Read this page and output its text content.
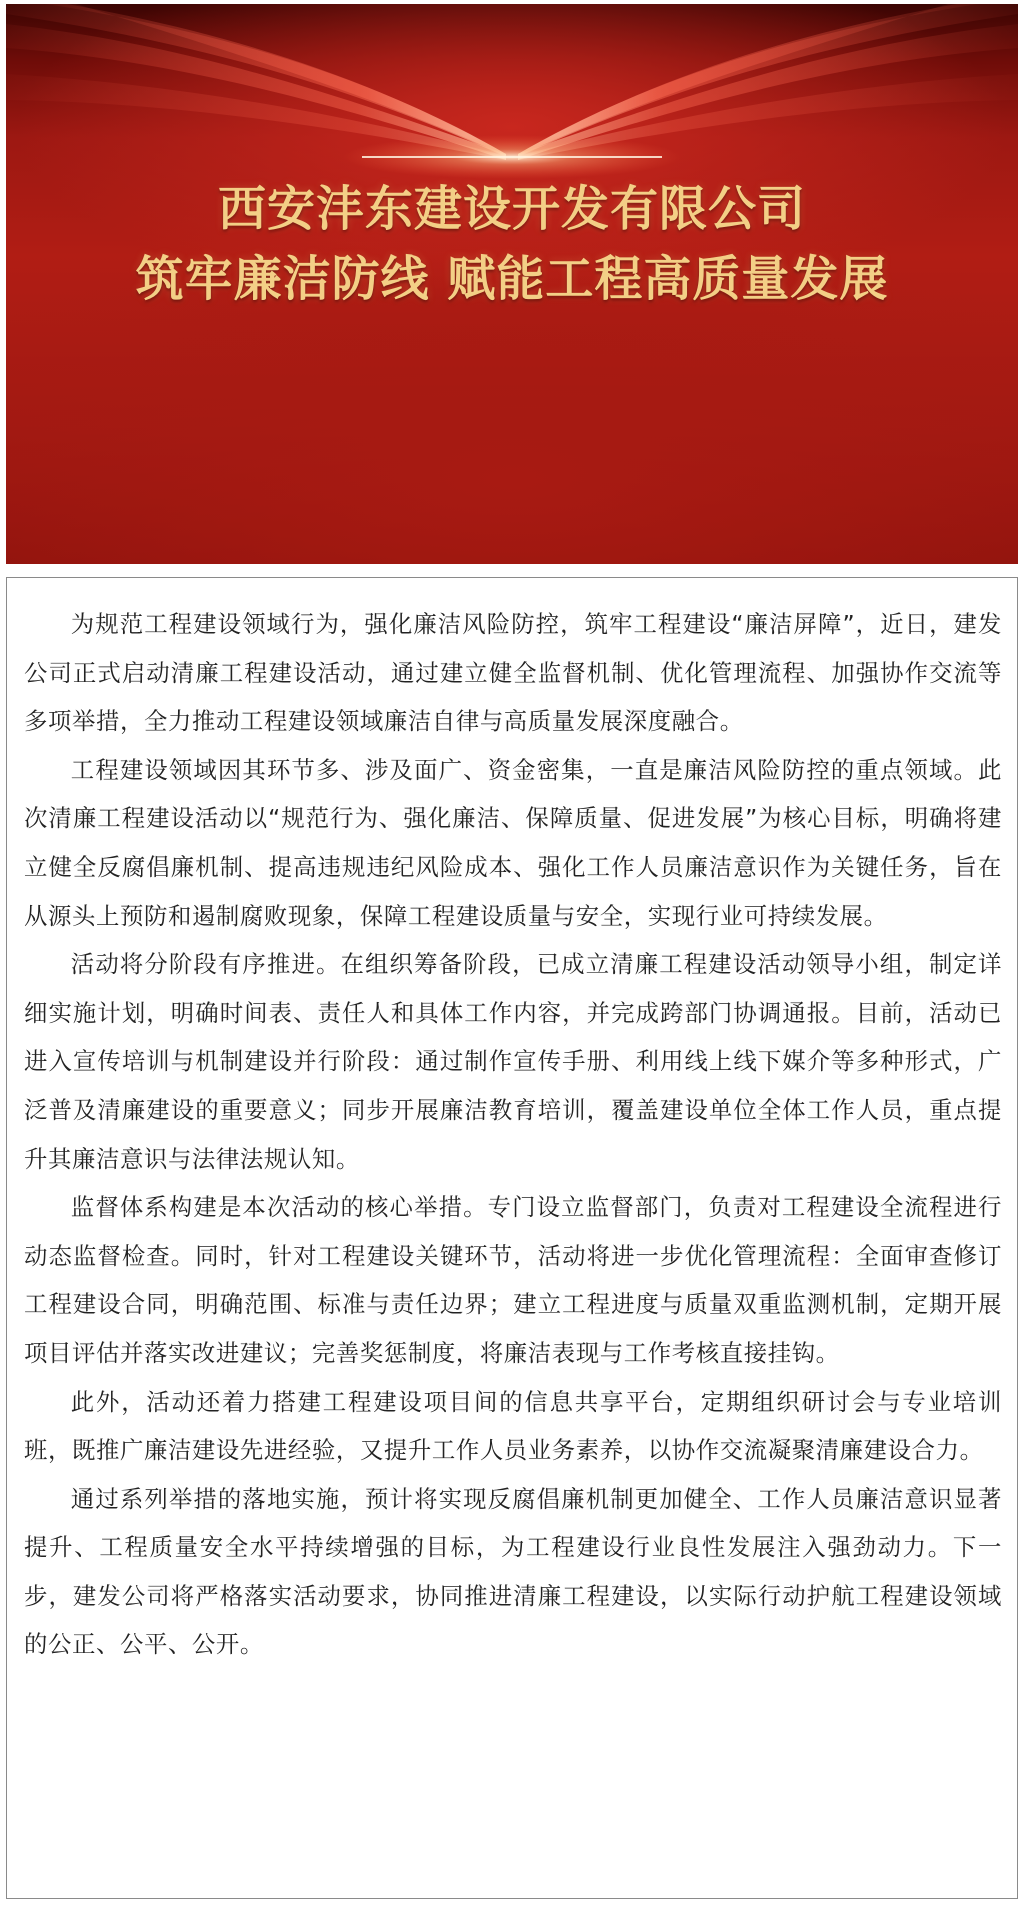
西安沣东建设开发有限公司
筑牢廉洁防线 赋能工程高质量发展

为规范工程建设领域行为，强化廉洁风险防控，筑牢工程建设“廉洁屏障”，近日，建发公司正式启动清廉工程建设活动，通过建立健全监督机制、优化管理流程、加强协作交流等多项举措，全力推动工程建设领域廉洁自律与高质量发展深度融合。

工程建设领域因其环节多、涉及面广、资金密集，一直是廉洁风险防控的重点领域。此次清廉工程建设活动以“规范行为、强化廉洁、保障质量、促进发展”为核心目标，明确将建立健全反腐倡廉机制、提高违规违纪风险成本、强化工作人员廉洁意识作为关键任务，旨在从源头上预防和遏制腐败现象，保障工程建设质量与安全，实现行业可持续发展。

活动将分阶段有序推进。在组织筹备阶段，已成立清廉工程建设活动领导小组，制定详细实施计划，明确时间表、责任人和具体工作内容，并完成跨部门协调通报。目前，活动已进入宣传培训与机制建设并行阶段：通过制作宣传手册、利用线上线下媒介等多种形式，广泛普及清廉建设的重要意义；同步开展廉洁教育培训，覆盖建设单位全体工作人员，重点提升其廉洁意识与法律法规认知。

监督体系构建是本次活动的核心举措。专门设立监督部门，负责对工程建设全流程进行动态监督检查。同时，针对工程建设关键环节，活动将进一步优化管理流程：全面审查修订工程建设合同，明确范围、标准与责任边界；建立工程进度与质量双重监测机制，定期开展项目评估并落实改进建议；完善奖惩制度，将廉洁表现与工作考核直接挂钩。

此外，活动还着力搭建工程建设项目间的信息共享平台，定期组织研讨会与专业培训班，既推广廉洁建设先进经验，又提升工作人员业务素养，以协作交流凝聚清廉建设合力。

通过系列举措的落地实施，预计将实现反腐倡廉机制更加健全、工作人员廉洁意识显著提升、工程质量安全水平持续增强的目标，为工程建设行业良性发展注入强劲动力。下一步，建发公司将严格落实活动要求，协同推进清廉工程建设，以实际行动护航工程建设领域的公正、公平、公开。
